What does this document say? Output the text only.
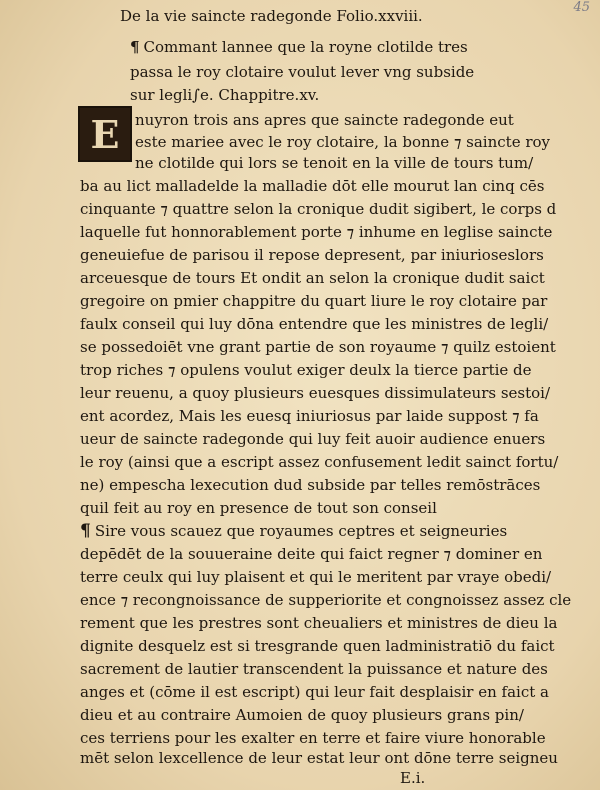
45
De la vie saincte radegonde Folio.xxviii.
¶ Commant lannee que la royne clotilde tres
passa le roy clotaire voulut lever vng subside
sur legli∫e. Chappitre.xv.
E	nuyron trois ans apres que saincte radegonde eut
este mariee avec le roy clotaire, la bonne ⁊ saincte roy
ne clotilde qui lors se tenoit en la ville de tours tum/
ba au lict malladelde la malladie dōt elle mourut lan cinq cēs
cinquante ⁊ quattre selon la cronique dudit sigibert, le corps d
laquelle fut honnorablement porte ⁊ inhume en leglise saincte
geneuiefue de parisou il repose depresent, par iniurioseslors
arceuesque de tours Et ondit an selon la cronique dudit saict
gregoire on pmier chappitre du quart liure le roy clotaire par
faulx conseil qui luy dōna entendre que les ministres de legli/
se possedoiēt vne grant partie de son royaume ⁊ quilz estoient
trop riches ⁊ opulens voulut exiger deulx la tierce partie de
leur reuenu, a quoy plusieurs euesques dissimulateurs sestoi/
ent acordez, Mais les euesq iniuriosus par laide suppost ⁊ fa
ueur de saincte radegonde qui luy feit auoir audience enuers
le roy (ainsi que a escript assez confusement ledit sainct fortu/
ne) empescha lexecution dud subside par telles remōstrāces
quil feit au roy en presence de tout son conseil
¶ Sire vous scauez que royaumes ceptres et seigneuries
depēdēt de la souueraine deite qui faict regner ⁊ dominer en
terre ceulx qui luy plaisent et qui le meritent par vraye obedi/
ence ⁊ recongnoissance de supperiorite et congnoissez assez cle
rement que les prestres sont cheualiers et ministres de dieu la
dignite desquelz est si tresgrande quen ladministratiō du faict
sacrement de lautier transcendent la puissance et nature des
anges et (cōme il est escript) qui leur fait desplaisir en faict a
dieu et au contraire Aumoien de quoy plusieurs grans pin/
ces terriens pour les exalter en terre et faire viure honorable
mēt selon lexcellence de leur estat leur ont dōne terre seigneu
E.i.
